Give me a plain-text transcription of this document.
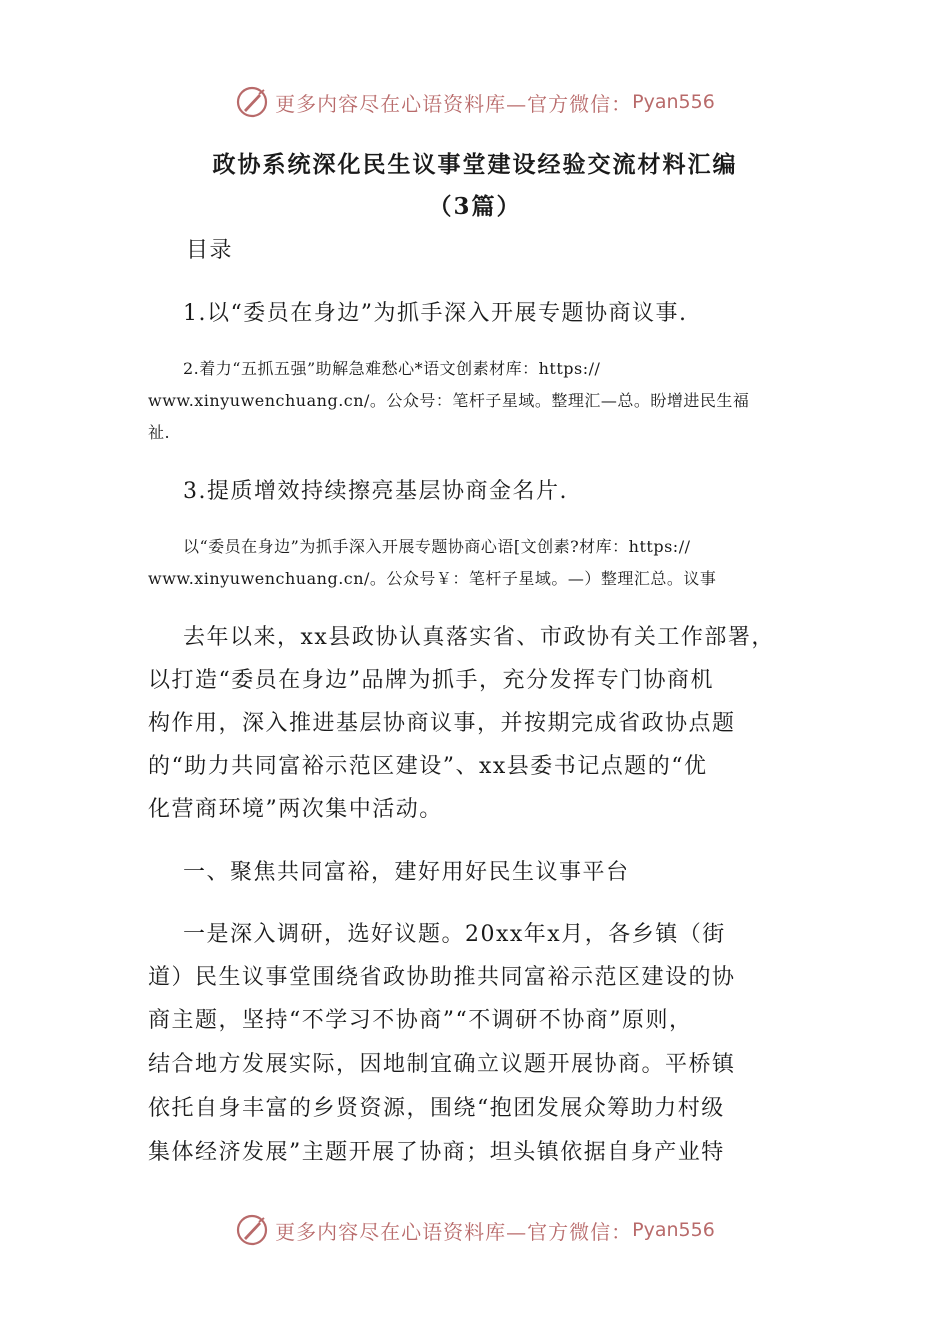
更多内容尽在心语资料库—官方微信： Pyan556
政协系统深化民生议事堂建设经验交流材料汇编
（3篇）
目录
1.以“委员在身边”为抓手深入开展专题协商议事.
2.着力“五抓五强”助解急难愁心*语文创素材库：https://
www.xinyuwenchuang.cn/。公众号：笔杆子星域。整理汇—总。盼增进民生福
祉.
3.提质增效持续擦亮基层协商金名片.
以“委员在身边”为抓手深入开展专题协商心语[文创素?材库：https://
www.xinyuwenchuang.cn/。公众号￥：笔杆子星域。—）整理汇总。议事
去年以来，xx县政协认真落实省、市政协有关工作部署，
以打造“委员在身边”品牌为抓手，充分发挥专门协商机
构作用，深入推进基层协商议事，并按期完成省政协点题
的“助力共同富裕示范区建设”、xx县委书记点题的“优
化营商环境”两次集中活动。
一、聚焦共同富裕，建好用好民生议事平台
一是深入调研，选好议题。20xx年x月，各乡镇（街
道）民生议事堂围绕省政协助推共同富裕示范区建设的协
商主题，坚持“不学习不协商”“不调研不协商”原则，
结合地方发展实际，因地制宜确立议题开展协商。平桥镇
依托自身丰富的乡贤资源，围绕“抱团发展众筹助力村级
集体经济发展”主题开展了协商；坦头镇依据自身产业特
更多内容尽在心语资料库—官方微信： Pyan556
